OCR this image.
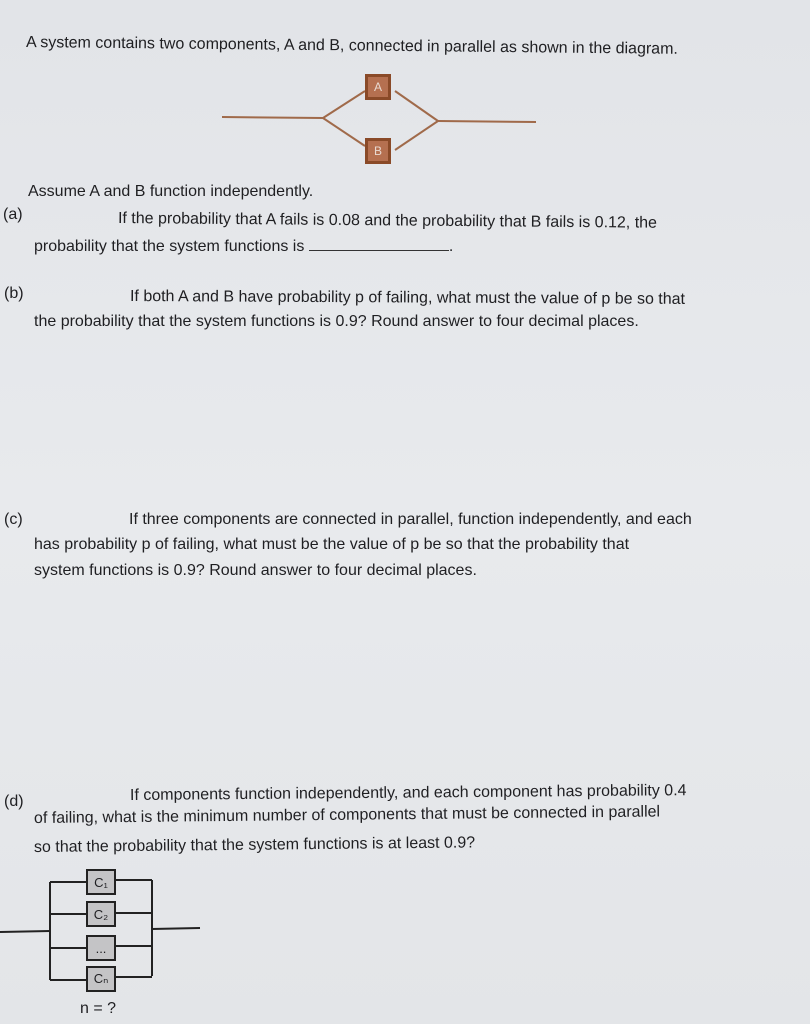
A system contains two components, A and B, connected in parallel as shown in the diagram.
A
B
Assume A and B function independently.
(a)	If the probability that A fails is 0.08 and the probability that B fails is 0.12, the
probability that the system functions is	.
(b)	If both A and B have probability p of failing, what must the value of p be so that
the probability that the system functions is 0.9? Round answer to four decimal places.
(c)	If three components are connected in parallel, function independently, and each
has probability p of failing, what must be the value of p be so that the probability that
system functions is 0.9? Round answer to four decimal places.
(d)	If components function independently, and each component has probability 0.4
of failing, what is the minimum number of components that must be connected in parallel
so that the probability that the system functions is at least 0.9?
C₁
C₂
...
Cₙ
n = ?
